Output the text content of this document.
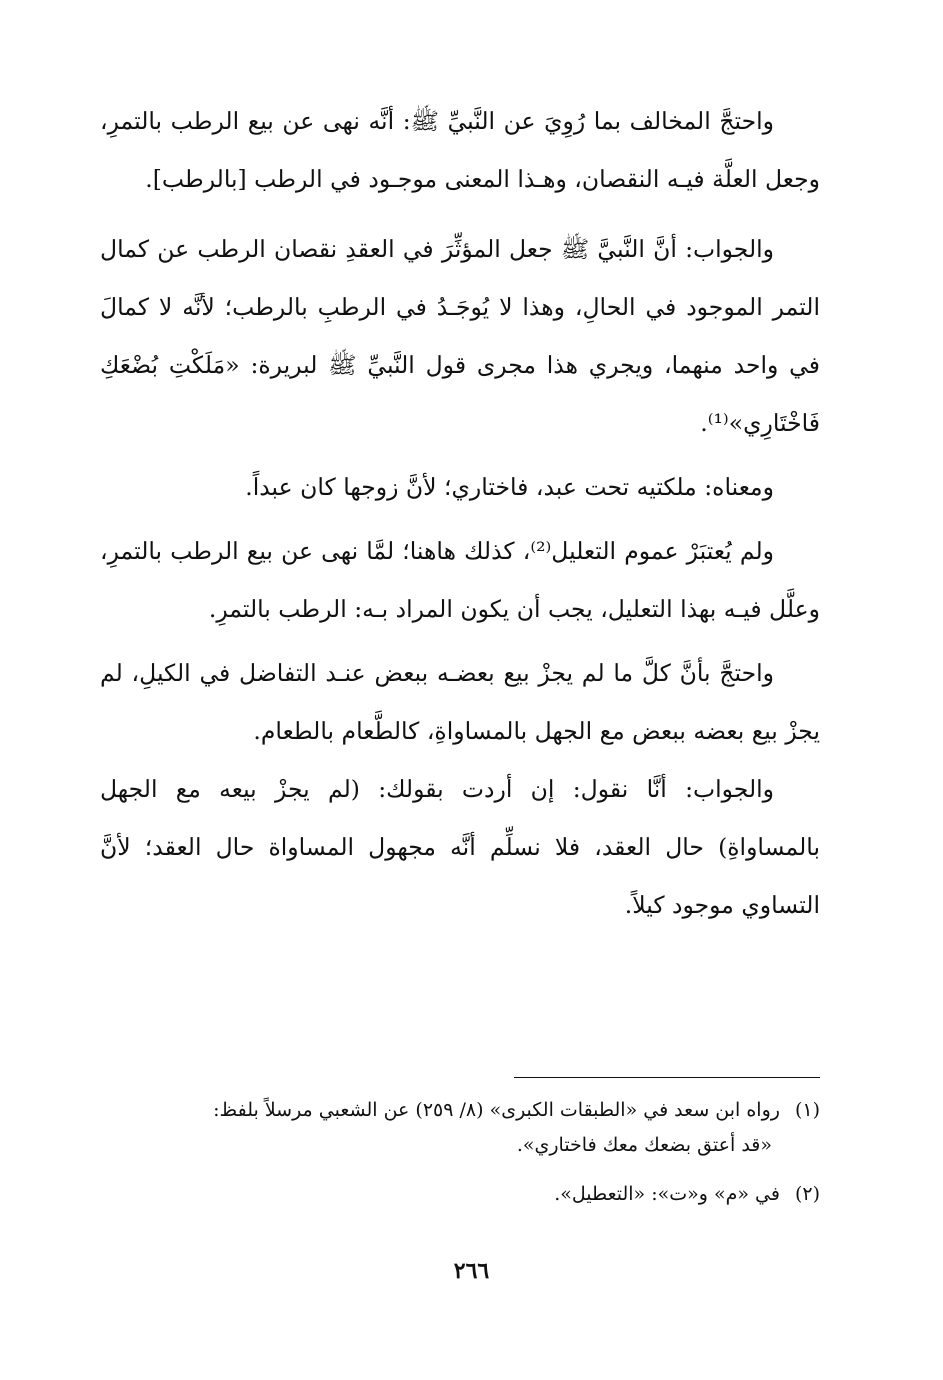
واحتجَّ المخالف بما رُوِيَ عن النَّبيِّ ﷺ: أنَّه نهى عن بيع الرطب بالتمرِ، وجعل العلَّة فيـه النقصان، وهـذا المعنى موجـود في الرطب [بالرطب].

والجواب: أنَّ النَّبيَّ ﷺ جعل المؤثِّرَ في العقدِ نقصان الرطب عن كمال التمر الموجود في الحالِ، وهذا لا يُوجَـدُ في الرطبِ بالرطب؛ لأنَّه لا كمالَ في واحد منهما، ويجري هذا مجرى قول النَّبيِّ ﷺ لبريرة: «مَلَكْتِ بُضْعَكِ فَاخْتَارِي»⁽¹⁾.

ومعناه: ملكتيه تحت عبد، فاختاري؛ لأنَّ زوجها كان عبداً.

ولم يُعتبَرْ عموم التعليل⁽²⁾، كذلك هاهنا؛ لمَّا نهى عن بيع الرطب بالتمرِ، وعلَّل فيـه بهذا التعليل، يجب أن يكون المراد بـه: الرطب بالتمرِ.

واحتجَّ بأنَّ كلَّ ما لم يجزْ بيع بعضـه ببعض عنـد التفاضل في الكيلِ، لم يجزْ بيع بعضه ببعض مع الجهل بالمساواةِ، كالطَّعام بالطعام.

والجواب: أنَّا نقول: إن أردت بقولك: (لم يجزْ بيعه مع الجهل بالمساواةِ) حال العقد، فلا نسلِّم أنَّه مجهول المساواة حال العقد؛ لأنَّ التساوي موجود كيلاً.

(١) رواه ابن سعد في «الطبقات الكبرى» (٨/ ٢٥٩) عن الشعبي مرسلاً بلفظ:
«قد أعتق بضعك معك فاختاري».
(٢) في «م» و«ت»: «التعطيل».
٢٦٦
